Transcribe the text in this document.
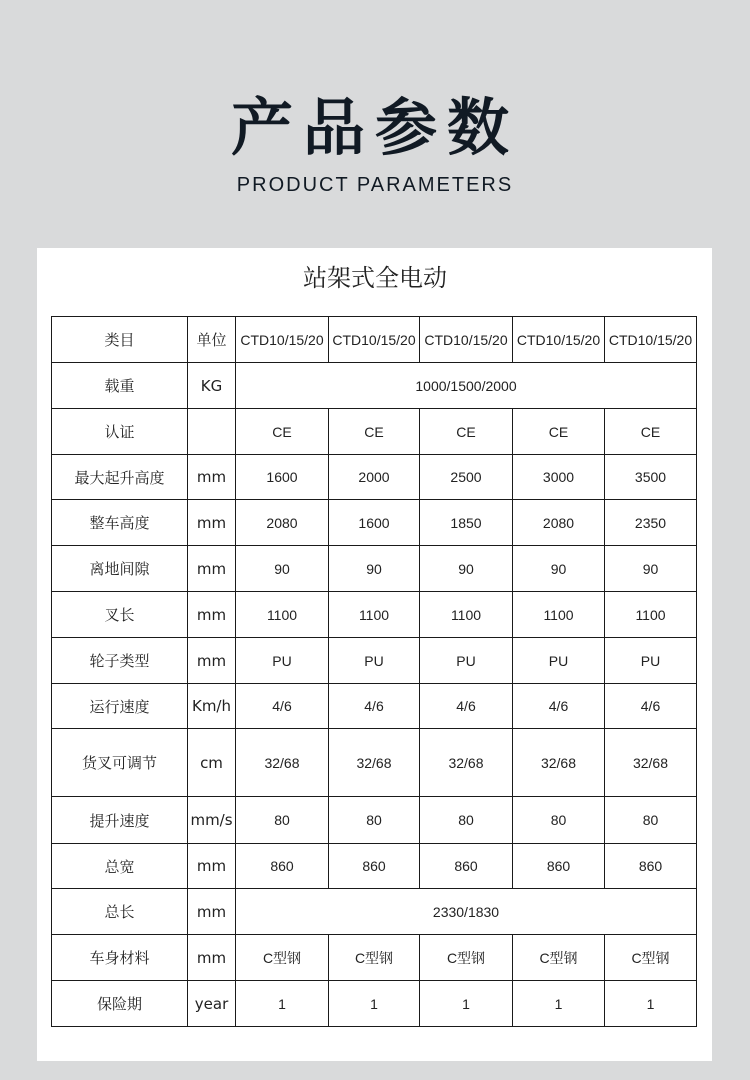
产品参数
PRODUCT PARAMETERS
站架式全电动
类目	单位	CTD10/15/20	CTD10/15/20	CTD10/15/20	CTD10/15/20	CTD10/15/20
载重	KG	1000/1500/2000				
认证		CE	CE	CE	CE	CE
最大起升高度	mm	1600	2000	2500	3000	3500
整车高度	mm	2080	1600	1850	2080	2350
离地间隙	mm	90	90	90	90	90
叉长	mm	1100	1100	1100	1100	1100
轮子类型	mm	PU	PU	PU	PU	PU
运行速度	Km/h	4/6	4/6	4/6	4/6	4/6
货叉可调节	cm	32/68	32/68	32/68	32/68	32/68
提升速度	mm/s	80	80	80	80	80
总宽	mm	860	860	860	860	860
总长	mm	2330/1830				
车身材料	mm	C型钢	C型钢	C型钢	C型钢	C型钢
保险期	year	1	1	1	1	1
